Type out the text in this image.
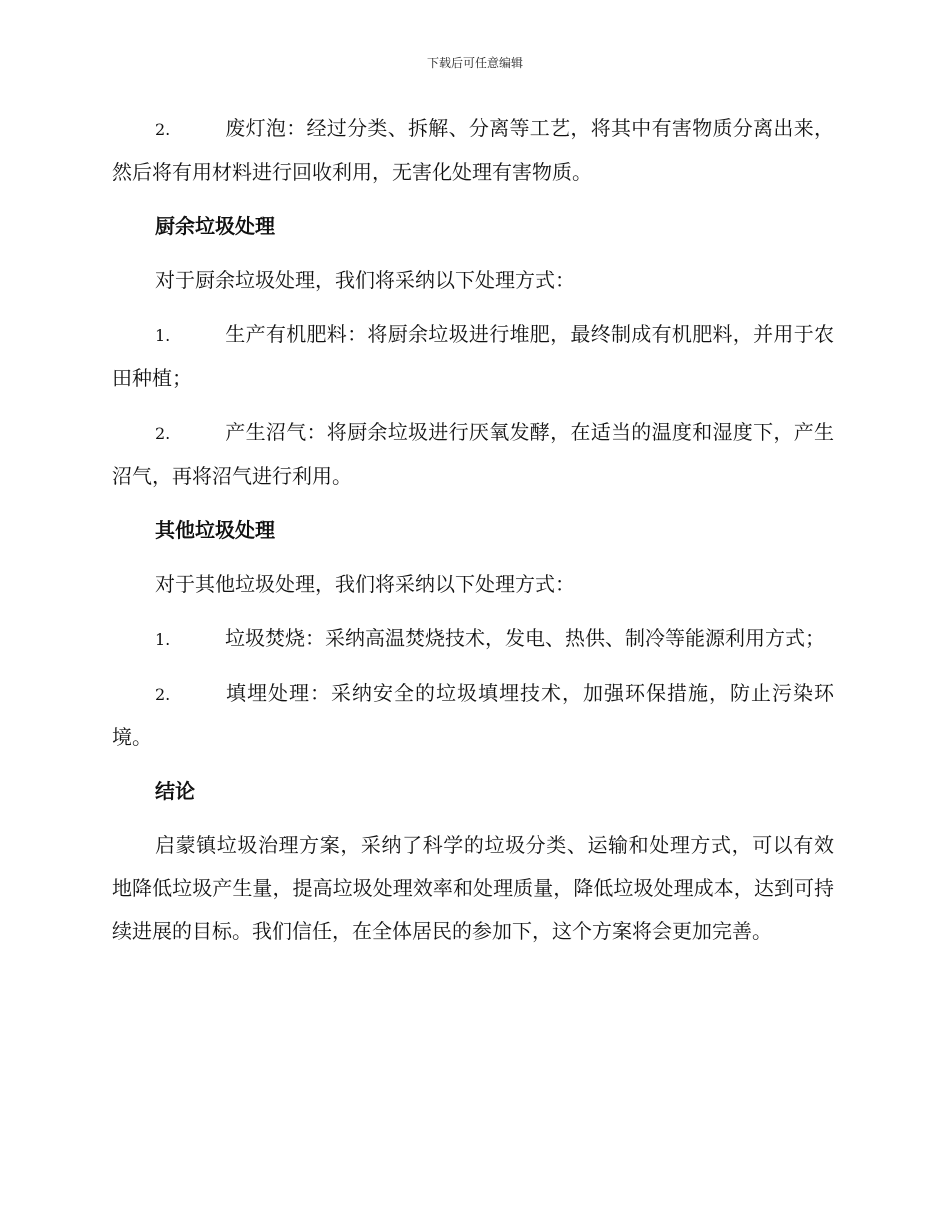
下载后可任意编辑

2.	废灯泡：经过分类、拆解、分离等工艺，将其中有害物质分离出来，然后将有用材料进行回收利用，无害化处理有害物质。

厨余垃圾处理

对于厨余垃圾处理，我们将采纳以下处理方式：

1.	生产有机肥料：将厨余垃圾进行堆肥，最终制成有机肥料，并用于农田种植；

2.	产生沼气：将厨余垃圾进行厌氧发酵，在适当的温度和湿度下，产生沼气，再将沼气进行利用。

其他垃圾处理

对于其他垃圾处理，我们将采纳以下处理方式：

1.	垃圾焚烧：采纳高温焚烧技术，发电、热供、制冷等能源利用方式；

2.	填埋处理：采纳安全的垃圾填埋技术，加强环保措施，防止污染环境。

结论

启蒙镇垃圾治理方案，采纳了科学的垃圾分类、运输和处理方式，可以有效地降低垃圾产生量，提高垃圾处理效率和处理质量，降低垃圾处理成本，达到可持续进展的目标。我们信任，在全体居民的参加下，这个方案将会更加完善。
